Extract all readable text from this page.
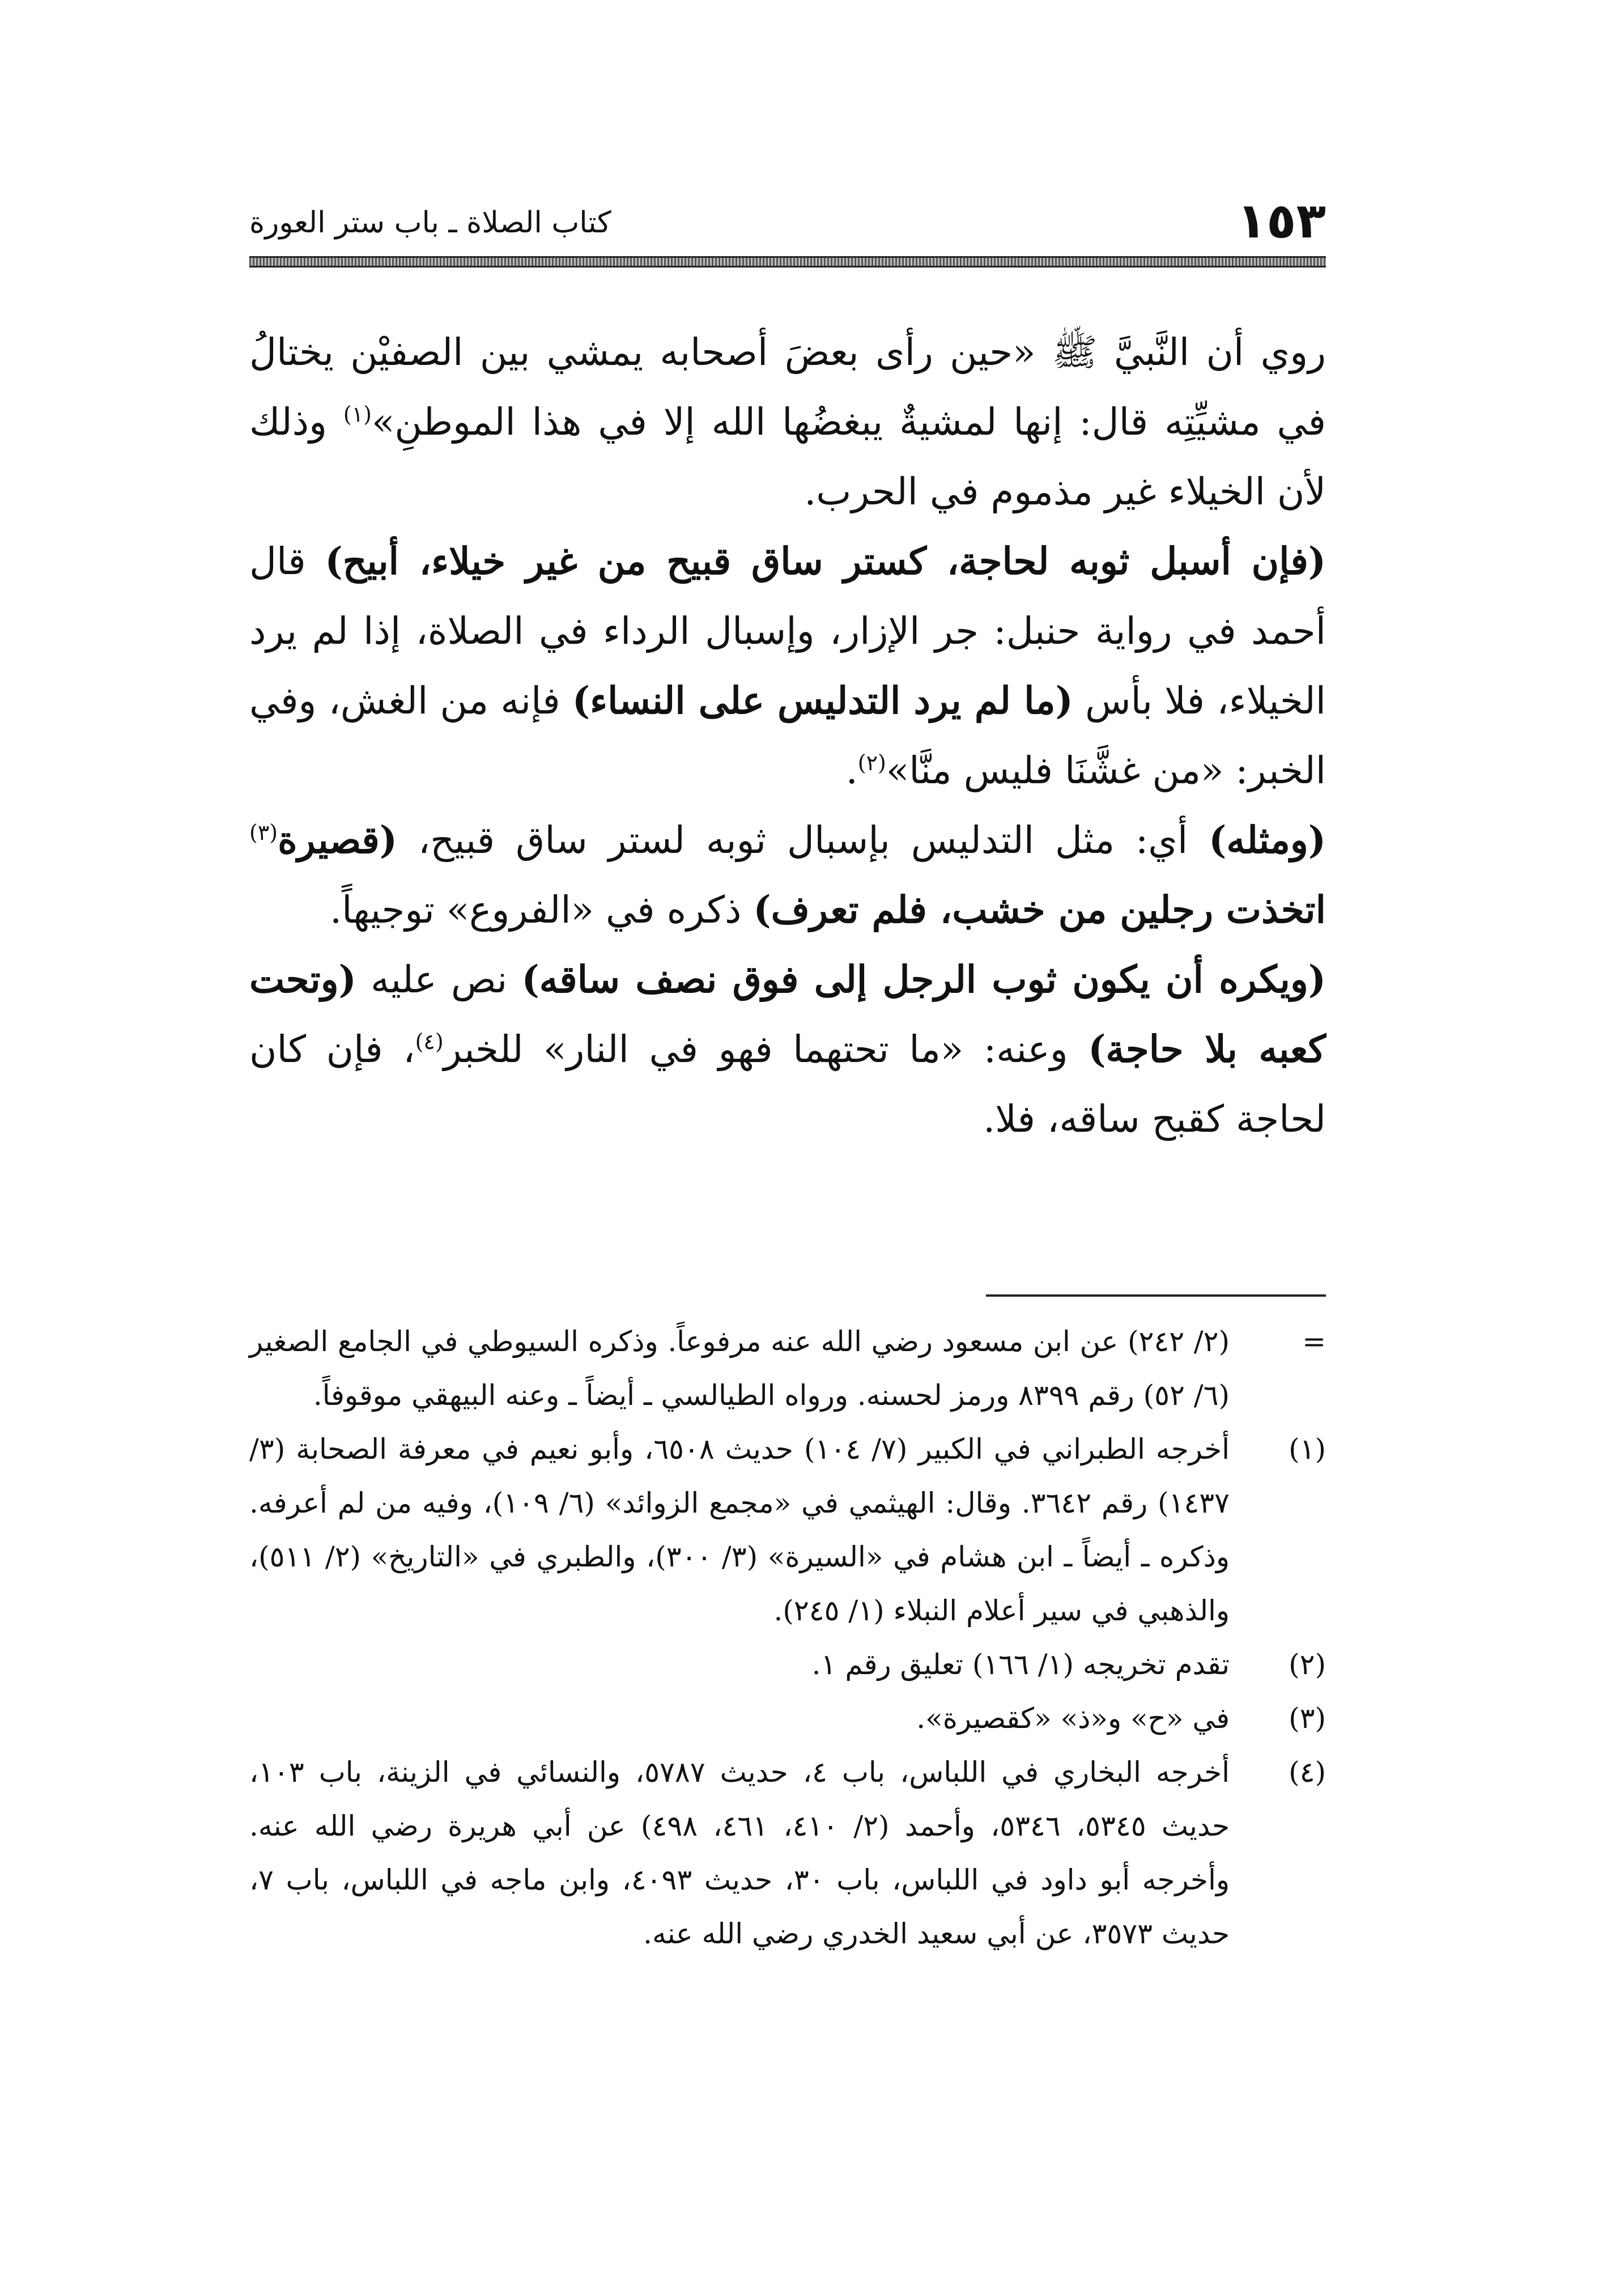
١٥٣
كتاب الصلاة ـ باب ستر العورة

روي أن النَّبيَّ ﷺ «حين رأى بعضَ أصحابه يمشي بين الصفيْن يختالُ في مشيِّتِه قال: إنها لمشيةٌ يبغضُها الله إلا في هذا الموطنِ»$^{(١)}$ وذلك لأن الخيلاء غير مذموم في الحرب.

(فإن أسبل ثوبه لحاجة، كستر ساق قبيح من غير خيلاء، أبيح) قال أحمد في رواية حنبل: جر الإزار، وإسبال الرداء في الصلاة، إذا لم يرد الخيلاء، فلا بأس (ما لم يرد التدليس على النساء) فإنه من الغش، وفي الخبر: «من غشَّنَا فليس منَّا»$^{(٢)}$.

(ومثله) أي: مثل التدليس بإسبال ثوبه لستر ساق قبيح، (قصيرة$^{(٣)}$ اتخذت رجلين من خشب، فلم تعرف) ذكره في «الفروع» توجيهاً.

(ويكره أن يكون ثوب الرجل إلى فوق نصف ساقه) نص عليه (وتحت كعبه بلا حاجة) وعنه: «ما تحتهما فهو في النار» للخبر$^{(٤)}$، فإن كان لحاجة كقبح ساقه، فلا.

=
(٢/ ٢٤٢) عن ابن مسعود رضي الله عنه مرفوعاً. وذكره السيوطي في الجامع الصغير (٦/ ٥٢) رقم ٨٣٩٩ ورمز لحسنه. ورواه الطيالسي ـ أيضاً ـ وعنه البيهقي موقوفاً.
(١)
أخرجه الطبراني في الكبير (٧/ ١٠٤) حديث ٦٥٠٨، وأبو نعيم في معرفة الصحابة (٣/ ١٤٣٧) رقم ٣٦٤٢. وقال: الهيثمي في «مجمع الزوائد» (٦/ ١٠٩)، وفيه من لم أعرفه. وذكره ـ أيضاً ـ ابن هشام في «السيرة» (٣/ ٣٠٠)، والطبري في «التاريخ» (٢/ ٥١١)، والذهبي في سير أعلام النبلاء (١/ ٢٤٥).
(٢)
تقدم تخريجه (١/ ١٦٦) تعليق رقم ١.
(٣)
في «ح» و«ذ» «كقصيرة».
(٤)
أخرجه البخاري في اللباس، باب ٤، حديث ٥٧٨٧، والنسائي في الزينة، باب ١٠٣، حديث ٥٣٤٥، ٥٣٤٦، وأحمد (٢/ ٤١٠، ٤٦١، ٤٩٨) عن أبي هريرة رضي الله عنه. وأخرجه أبو داود في اللباس، باب ٣٠، حديث ٤٠٩٣، وابن ماجه في اللباس، باب ٧، حديث ٣٥٧٣، عن أبي سعيد الخدري رضي الله عنه.
